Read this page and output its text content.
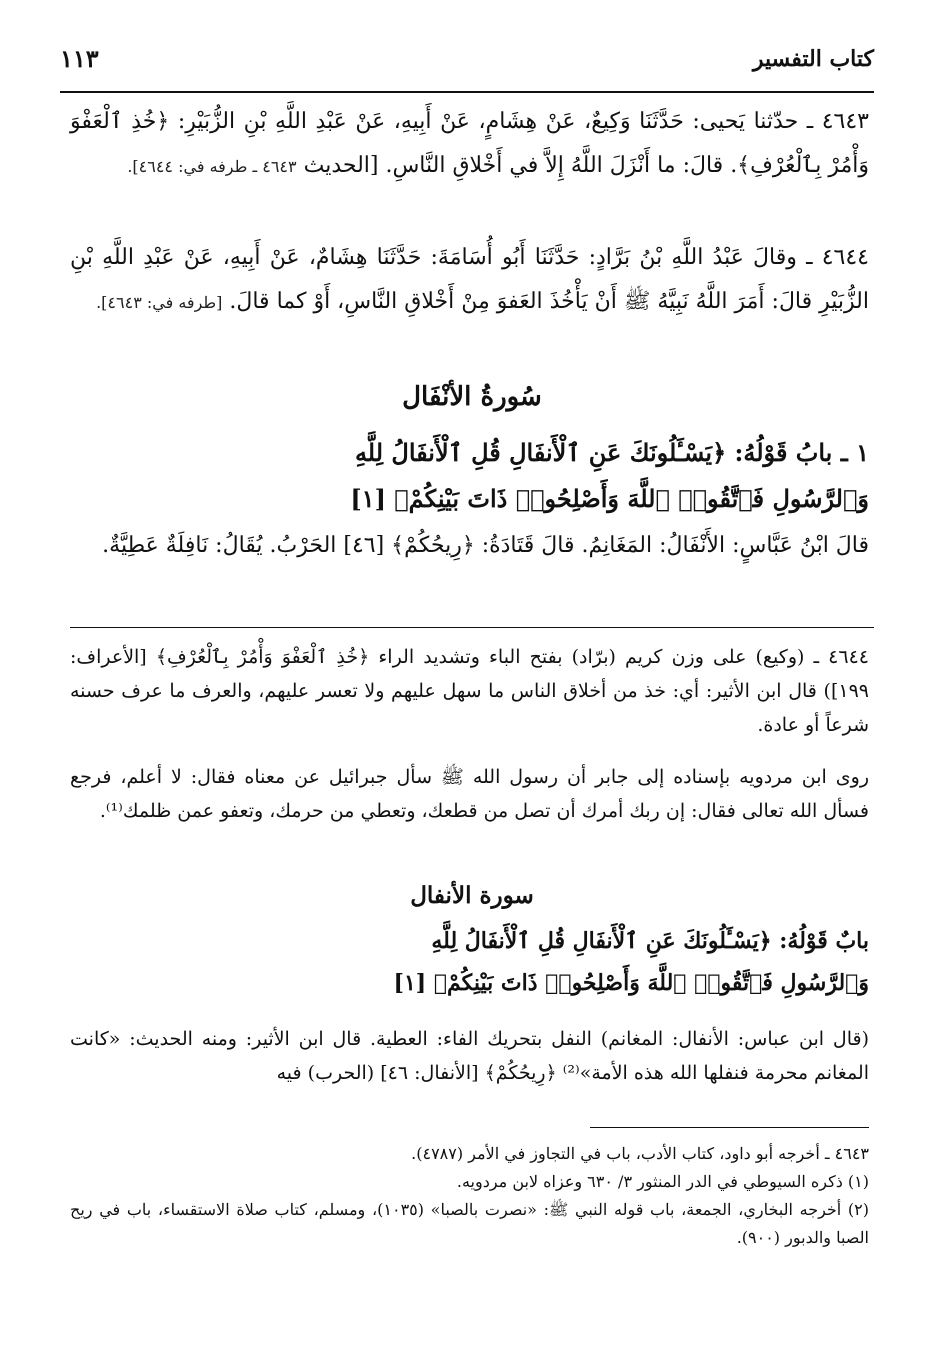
كتاب التفسير
١١٣
٤٦٤٣ ـ حدّثنا يَحيى: حَدَّثَنَا وَكِيعٌ، عَنْ هِشَامٍ، عَنْ أَبِيهِ، عَنْ عَبْدِ اللَّهِ بْنِ الزُّبَيْرِ: ﴿خُذِ ٱلْعَفْوَ وَأْمُرْ بِٱلْعُرْفِ﴾. قالَ: ما أَنْزَلَ اللَّهُ إِلاَّ في أَخْلاقِ النَّاسِ. [الحديث ٤٦٤٣ ـ طرفه في: ٤٦٤٤].
٤٦٤٤ ـ وقالَ عَبْدُ اللَّهِ بْنُ بَرَّادٍ: حَدَّثَنَا أَبُو أُسَامَةَ: حَدَّثَنَا هِشَامٌ، عَنْ أَبِيهِ، عَنْ عَبْدِ اللَّهِ بْنِ الزُّبَيْرِ قالَ: أَمَرَ اللَّهُ نَبِيَّهُ ﷺ أَنْ يَأْخُذَ العَفوَ مِنْ أَخْلاقِ النَّاسِ، أَوْ كما قالَ. [طرفه في: ٤٦٤٣].
سُورةُ الأنْفَال
١ ـ بابُ قَوْلُهُ: ﴿يَسْـَٔلُونَكَ عَنِ ٱلْأَنفَالِ قُلِ ٱلْأَنفَالُ لِلَّهِ
وَٱلرَّسُولِ فَٱتَّقُوا۟ ٱللَّهَ وَأَصْلِحُوا۟ ذَاتَ بَيْنِكُمْ﴾ [١]
قالَ ابْنُ عَبَّاسٍ: الأَنْفَالُ: المَغَانِمُ. قالَ قَتَادَةُ: ﴿رِيحُكُمْ﴾ [٤٦] الحَرْبُ. يُقَالُ: نَافِلَةٌ عَطِيَّةٌ.
٤٦٤٤ ـ (وكيع) على وزن كريم (برّاد) بفتح الباء وتشديد الراء ﴿خُذِ ٱلْعَفْوَ وَأْمُرْ بِٱلْعُرْفِ﴾ [الأعراف: ١٩٩]) قال ابن الأثير: أي: خذ من أخلاق الناس ما سهل عليهم ولا تعسر عليهم، والعرف ما عرف حسنه شرعاً أو عادة.
روى ابن مردويه بإسناده إلى جابر أن رسول الله ﷺ سأل جبرائيل عن معناه فقال: لا أعلم، فرجع فسأل الله تعالى فقال: إن ربك أمرك أن تصل من قطعك، وتعطي من حرمك، وتعفو عمن ظلمك⁽¹⁾.
سورة الأنفال
بابٌ قَوْلُهُ: ﴿يَسْـَٔلُونَكَ عَنِ ٱلْأَنفَالِ قُلِ ٱلْأَنفَالُ لِلَّهِ
وَٱلرَّسُولِ فَٱتَّقُوا۟ ٱللَّهَ وَأَصْلِحُوا۟ ذَاتَ بَيْنِكُمْ﴾ [١]
(قال ابن عباس: الأنفال: المغانم) النفل بتحريك الفاء: العطية. قال ابن الأثير: ومنه الحديث: «كانت المغانم محرمة فنفلها الله هذه الأمة»⁽²⁾ ﴿رِيحُكُمْ﴾ [الأنفال: ٤٦] (الحرب) فيه
٤٦٤٣ ـ أخرجه أبو داود، كتاب الأدب، باب في التجاوز في الأمر (٤٧٨٧).
(١) ذكره السيوطي في الدر المنثور ٣/ ٦٣٠ وعزاه لابن مردويه.
(٢) أخرجه البخاري، الجمعة، باب قوله النبي ﷺ: «نصرت بالصبا» (١٠٣٥)، ومسلم، كتاب صلاة الاستقساء، باب في ريح الصبا والدبور (٩٠٠).
